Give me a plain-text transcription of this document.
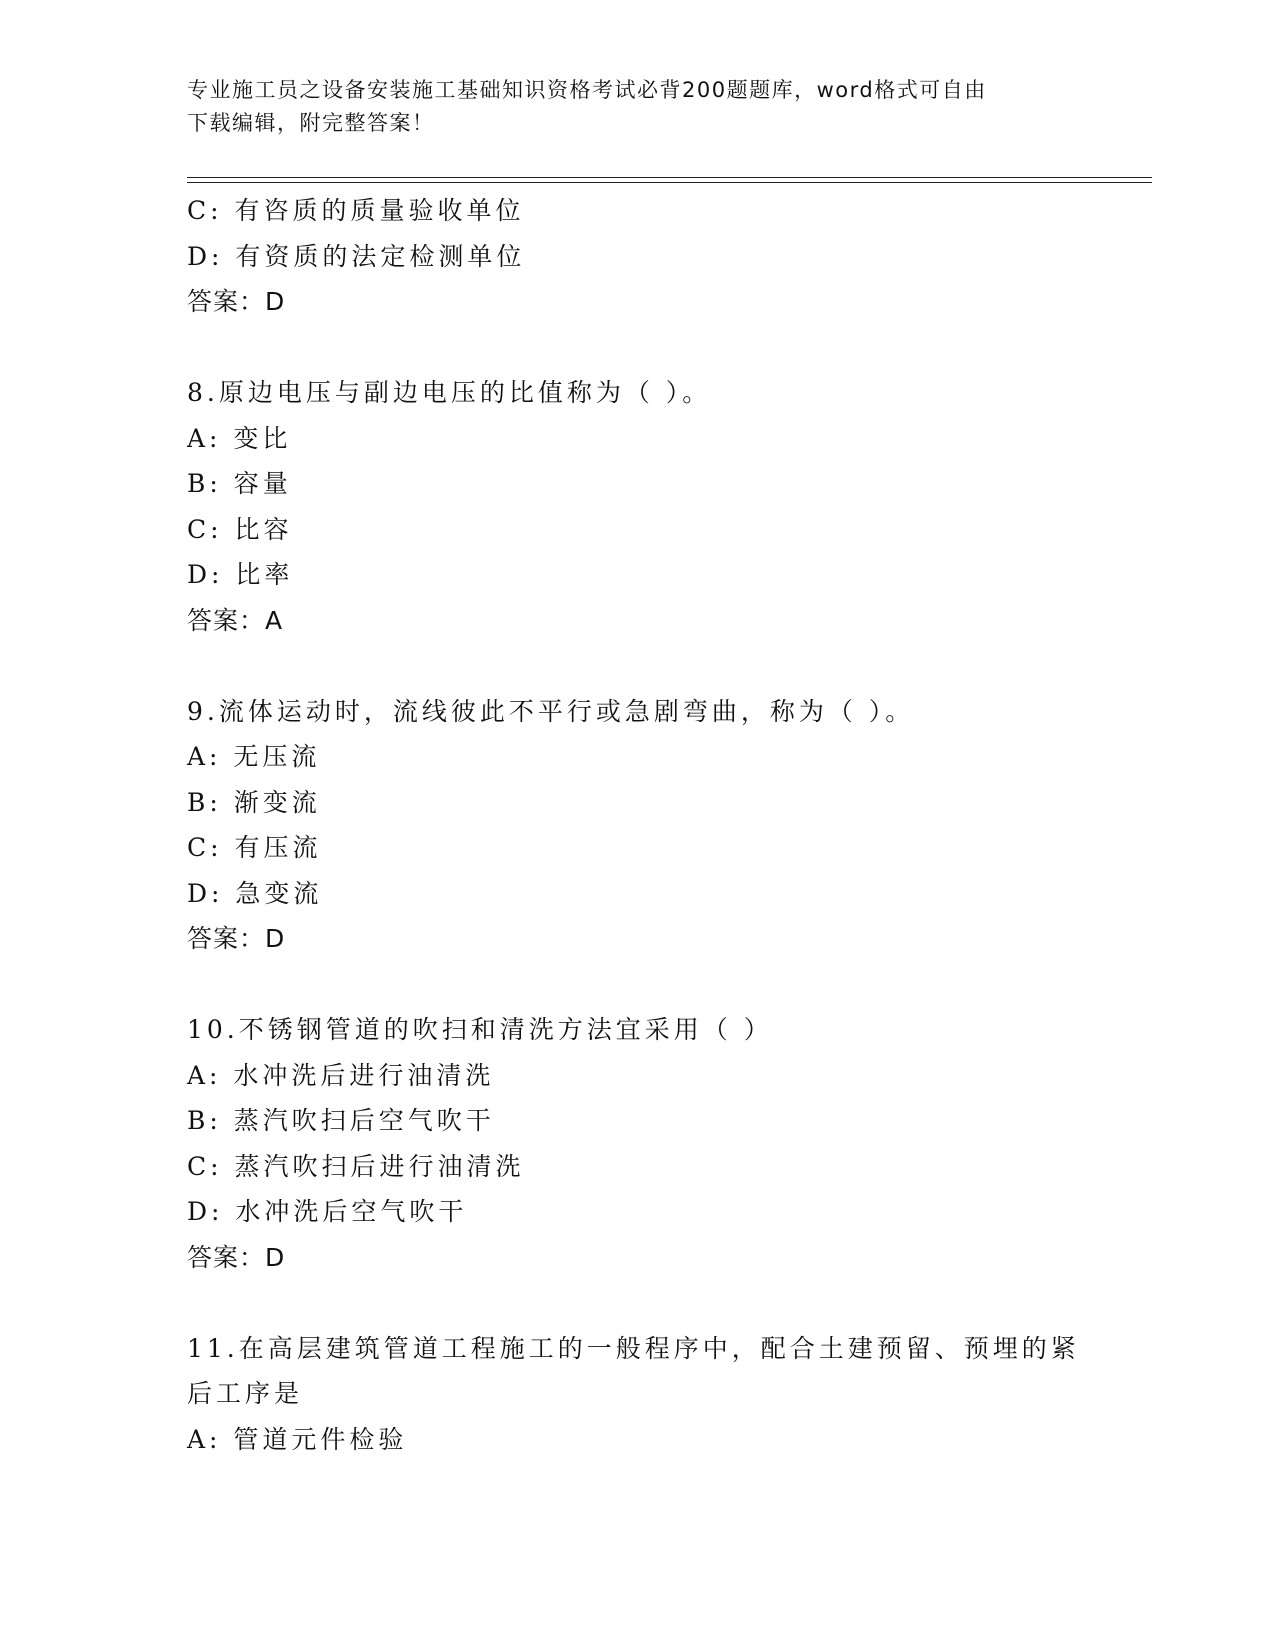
专业施工员之设备安装施工基础知识资格考试必背200题题库，word格式可自由
下载编辑，附完整答案！
C: 有咨质的质量验收单位
D: 有资质的法定检测单位
答案：D
8.原边电压与副边电压的比值称为（ ）。
A: 变比
B: 容量
C: 比容
D: 比率
答案：A
9.流体运动时，流线彼此不平行或急剧弯曲，称为（ ）。
A: 无压流
B: 渐变流
C: 有压流
D: 急变流
答案：D
10.不锈钢管道的吹扫和清洗方法宜采用（ ）
A: 水冲洗后进行油清洗
B: 蒸汽吹扫后空气吹干
C: 蒸汽吹扫后进行油清洗
D: 水冲洗后空气吹干
答案：D
11.在高层建筑管道工程施工的一般程序中，配合土建预留、预埋的紧
后工序是
A: 管道元件检验
